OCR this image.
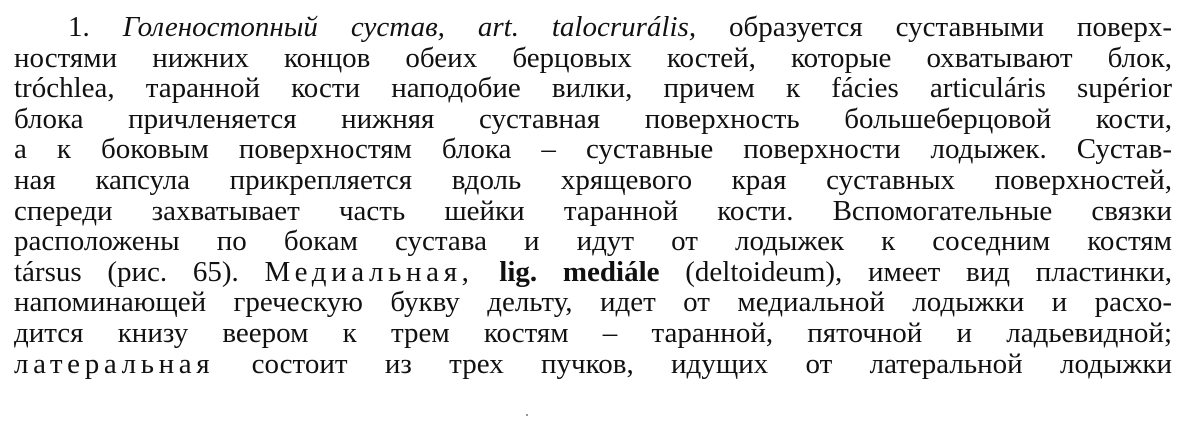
1. Голеностопный сустав, art. talocrurális, образуется суставными поверх-
ностями нижних концов обеих берцовых костей, которые охватывают блок,
tróchlea, таранной кости наподобие вилки, причем к fácies articuláris supérior
блока причленяется нижняя суставная поверхность большеберцовой кости,
а к боковым поверхностям блока – суставные поверхности лодыжек. Сустав-
ная капсула прикрепляется вдоль хрящевого края суставных поверхностей,
спереди захватывает часть шейки таранной кости. Вспомогательные связки
расположены по бокам сустава и идут от лодыжек к соседним костям
társus (рис. 65). Медиальная, lig. mediále (deltoideum), имеет вид пластинки,
напоминающей греческую букву дельту, идет от медиальной лодыжки и расхо-
дится книзу веером к трем костям – таранной, пяточной и ладьевидной;
латеральная состоит из трех пучков, идущих от латеральной лодыжки
